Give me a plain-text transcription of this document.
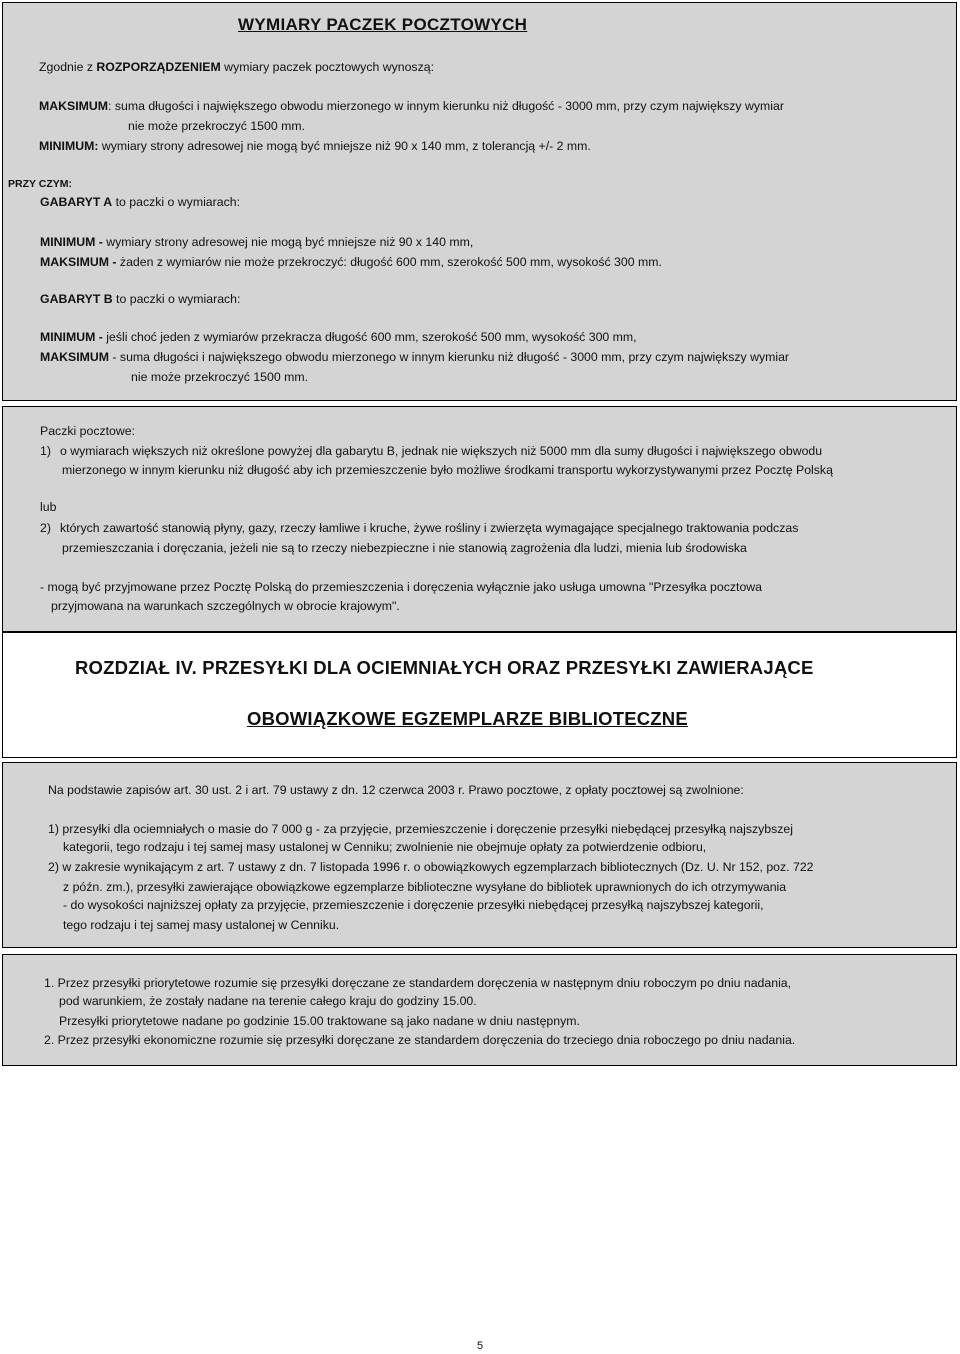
WYMIARY PACZEK POCZTOWYCH
Zgodnie z ROZPORZĄDZENIEM wymiary paczek pocztowych wynoszą:
MAKSIMUM: suma długości i największego obwodu mierzonego w innym kierunku niż długość - 3000 mm, przy czym największy wymiar
nie może przekroczyć 1500 mm.
MINIMUM: wymiary strony adresowej nie mogą być mniejsze niż 90 x 140 mm, z tolerancją +/- 2 mm.
PRZY CZYM:
GABARYT A to paczki o wymiarach:
MINIMUM - wymiary strony adresowej nie mogą być mniejsze niż 90 x 140 mm,
MAKSIMUM - żaden z wymiarów nie może przekroczyć: długość 600 mm, szerokość 500 mm, wysokość 300 mm.
GABARYT B to paczki o wymiarach:
MINIMUM - jeśli choć jeden z wymiarów przekracza długość 600 mm, szerokość 500 mm, wysokość 300 mm,
MAKSIMUM - suma długości i największego obwodu mierzonego w innym kierunku niż długość - 3000 mm, przy czym największy wymiar
nie może przekroczyć 1500 mm.
Paczki pocztowe:
1) o wymiarach większych niż określone powyżej dla gabarytu B, jednak nie większych niż 5000 mm dla sumy długości i największego obwodu
mierzonego w innym kierunku niż długość aby ich przemieszczenie było możliwe środkami transportu wykorzystywanymi przez Pocztę Polską
lub
2) których zawartość stanowią płyny, gazy, rzeczy łamliwe i kruche, żywe rośliny i zwierzęta wymagające specjalnego traktowania podczas
przemieszczania i doręczania, jeżeli nie są to rzeczy niebezpieczne i nie stanowią zagrożenia dla ludzi, mienia lub środowiska
- mogą być przyjmowane przez Pocztę Polską do przemieszczenia i doręczenia wyłącznie jako usługa umowna "Przesyłka pocztowa
przyjmowana na warunkach szczególnych w obrocie krajowym".
ROZDZIAŁ IV. PRZESYŁKI DLA OCIEMNIAŁYCH ORAZ PRZESYŁKI ZAWIERAJĄCE
OBOWIĄZKOWE EGZEMPLARZE BIBLIOTECZNE
Na podstawie zapisów art. 30 ust. 2 i art. 79 ustawy z dn. 12 czerwca 2003 r. Prawo pocztowe, z opłaty pocztowej są zwolnione:
1) przesyłki dla ociemniałych o masie do 7 000 g - za przyjęcie, przemieszczenie i doręczenie przesyłki niebędącej przesyłką najszybszej
kategorii, tego rodzaju i tej samej masy ustalonej w Cenniku; zwolnienie nie obejmuje opłaty za potwierdzenie odbioru,
2) w zakresie wynikającym z art. 7 ustawy z dn. 7 listopada 1996 r. o obowiązkowych egzemplarzach bibliotecznych (Dz. U. Nr 152, poz. 722
z późn. zm.), przesyłki zawierające obowiązkowe egzemplarze biblioteczne wysyłane do bibliotek uprawnionych do ich otrzymywania
- do wysokości najniższej opłaty za przyjęcie, przemieszczenie i doręczenie przesyłki niebędącej przesyłką najszybszej kategorii,
tego rodzaju i tej samej masy ustalonej w Cenniku.
1. Przez przesyłki priorytetowe rozumie się przesyłki doręczane ze standardem doręczenia w następnym dniu roboczym po dniu nadania,
pod warunkiem, że zostały nadane na terenie całego kraju do godziny 15.00.
Przesyłki priorytetowe nadane po godzinie 15.00 traktowane są jako nadane w dniu następnym.
2. Przez przesyłki ekonomiczne rozumie się przesyłki doręczane ze standardem doręczenia do trzeciego dnia roboczego po dniu nadania.
5
